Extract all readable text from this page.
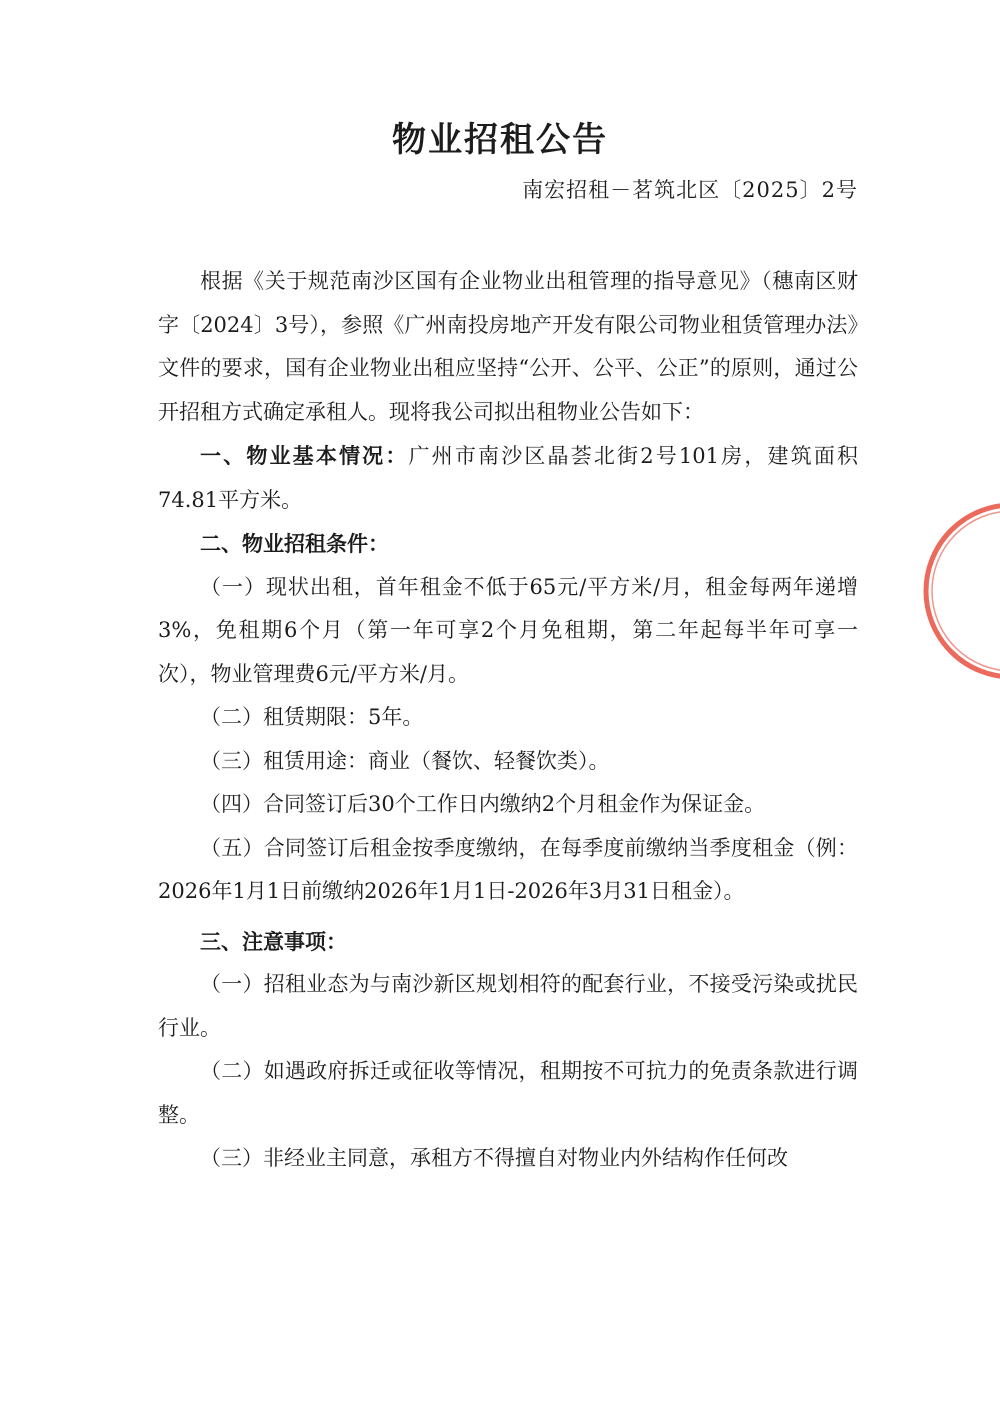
物业招租公告

南宏招租－茗筑北区〔2025〕2号

根据《关于规范南沙区国有企业物业出租管理的指导意见》（穗南区财字〔2024〕3号），参照《广州南投房地产开发有限公司物业租赁管理办法》文件的要求，国有企业物业出租应坚持“公开、公平、公正”的原则，通过公开招租方式确定承租人。现将我公司拟出租物业公告如下：

一、物业基本情况：广州市南沙区晶荟北街2号101房，建筑面积74.81平方米。

二、物业招租条件：

（一）现状出租，首年租金不低于65元/平方米/月，租金每两年递增3%，免租期6个月（第一年可享2个月免租期，第二年起每半年可享一次），物业管理费6元/平方米/月。

（二）租赁期限：5年。

（三）租赁用途：商业（餐饮、轻餐饮类）。

（四）合同签订后30个工作日内缴纳2个月租金作为保证金。

（五）合同签订后租金按季度缴纳，在每季度前缴纳当季度租金（例：2026年1月1日前缴纳2026年1月1日-2026年3月31日租金）。

三、注意事项：

（一）招租业态为与南沙新区规划相符的配套行业，不接受污染或扰民行业。

（二）如遇政府拆迁或征收等情况，租期按不可抗力的免责条款进行调整。

（三）非经业主同意，承租方不得擅自对物业内外结构作任何改
